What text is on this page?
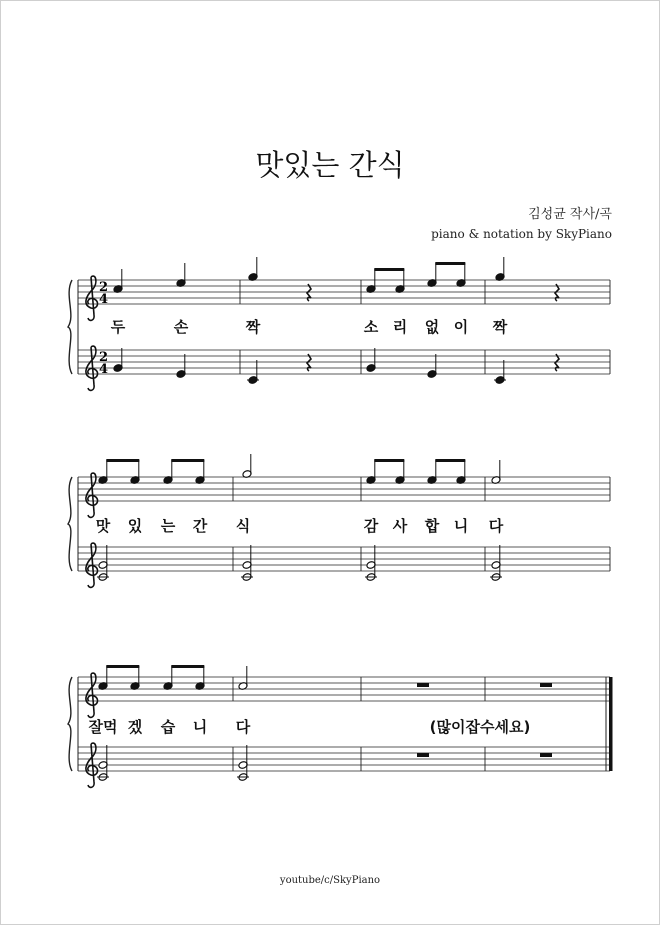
맛있는 간식
김성균 작사/곡
piano & notation by SkyPiano
2
4
2
4
두	손	짝	소 리 없 이 짝
맛 있 는 간 식	감 사 합 니 다
잘먹 겠 습 니 다	(많이잡수세요)
youtube/c/SkyPiano
